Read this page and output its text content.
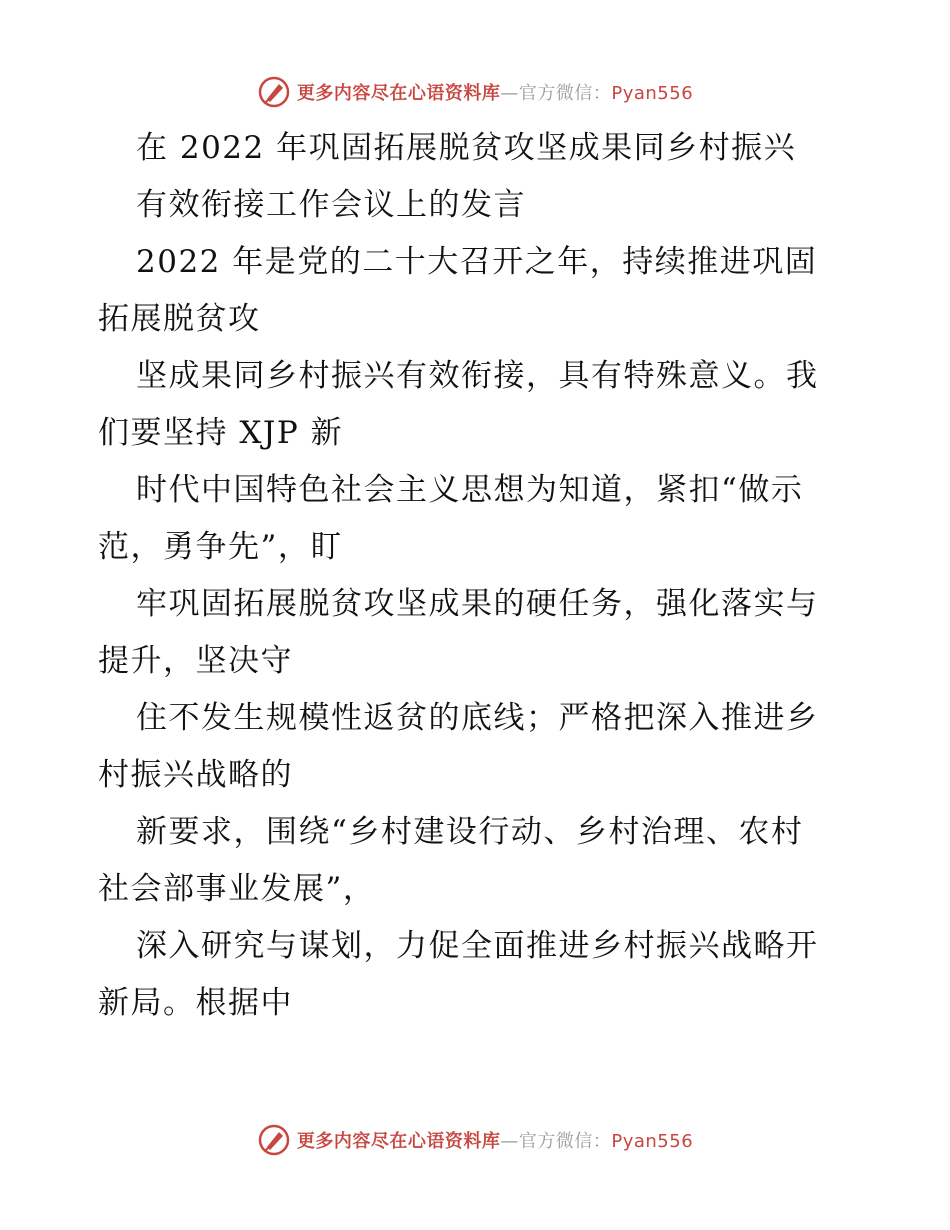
更多内容尽在心语资料库—官方微信：Pyan556
在 2022 年巩固拓展脱贫攻坚成果同乡村振兴
有效衔接工作会议上的发言
2022 年是党的二十大召开之年，持续推进巩固
拓展脱贫攻
坚成果同乡村振兴有效衔接，具有特殊意义。我
们要坚持 XJP 新
时代中国特色社会主义思想为知道，紧扣“做示
范，勇争先”，盯
牢巩固拓展脱贫攻坚成果的硬任务，强化落实与
提升，坚决守
住不发生规模性返贫的底线；严格把深入推进乡
村振兴战略的
新要求，围绕“乡村建设行动、乡村治理、农村
社会部事业发展”，
深入研究与谋划，力促全面推进乡村振兴战略开
新局。根据中
更多内容尽在心语资料库—官方微信：Pyan556
